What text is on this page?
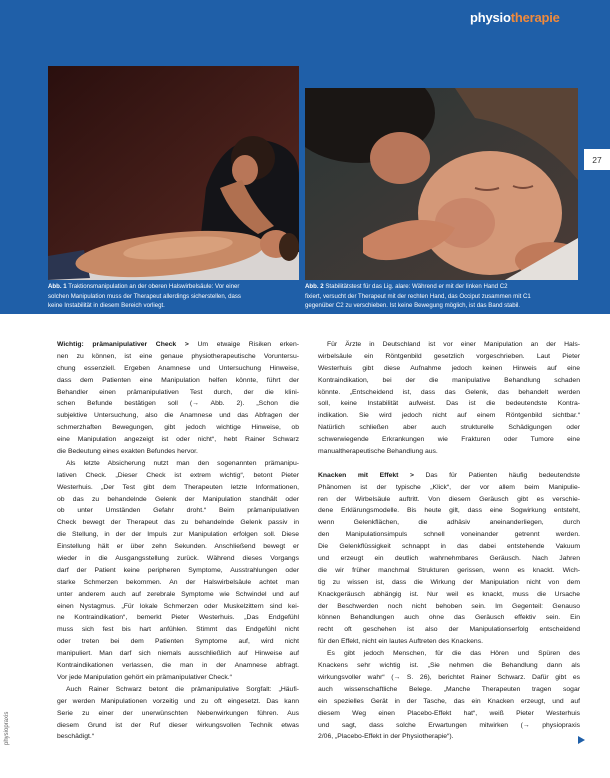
physiotherapie
27
Abb. 1 Traktionsmanipulation an der oberen Halswirbelsäule: Vor einer
solchen Manipulation muss der Therapeut allerdings sicherstellen, dass
keine Instabilität in diesem Bereich vorliegt.
Abb. 2 Stabilitätstest für das Lig. alare: Während er mit der linken Hand C2
fixiert, versucht der Therapeut mit der rechten Hand, das Occiput zusammen mit C1
gegenüber C2 zu verschieben. Ist keine Bewegung möglich, ist das Band stabil.
Wichtig: prämanipulativer Check > Um etwaige Risiken erken-
nen zu können, ist eine genaue physiotherapeutische Voruntersu-
chung essenziell. Ergeben Anamnese und Untersuchung Hinweise,
dass dem Patienten eine Manipulation helfen könnte, führt der
Behandler einen prämanipulativen Test durch, der die klini-
schen Befunde bestätigen soll (→ Abb. 2). „Schon die
subjektive Untersuchung, also die Anamnese und das Abfragen der
schmerzhaften Bewegungen, gibt jedoch wichtige Hinweise, ob
eine Manipulation angezeigt ist oder nicht“, hebt Rainer Schwarz
die Bedeutung eines exakten Befundes hervor.
Als letzte Absicherung nutzt man den sogenannten prämanipu-
lativen Check. „Dieser Check ist extrem wichtig“, betont Pieter
Westerhuis. „Der Test gibt dem Therapeuten letzte Informationen,
ob das zu behandelnde Gelenk der Manipulation standhält oder
ob unter Umständen Gefahr droht.“ Beim prämanipulativen
Check bewegt der Therapeut das zu behandelnde Gelenk passiv in
die Stellung, in der der Impuls zur Manipulation erfolgen soll. Diese
Einstellung hält er über zehn Sekunden. Anschließend bewegt er
wieder in die Ausgangsstellung zurück. Während dieses Vorgangs
darf der Patient keine peripheren Symptome, Ausstrahlungen oder
starke Schmerzen bekommen. An der Halswirbelsäule achtet man
unter anderem auch auf zerebrale Symptome wie Schwindel und auf
einen Nystagmus. „Für lokale Schmerzen oder Muskelzittern sind kei-
ne Kontraindikation“, bemerkt Pieter Westerhuis. „Das Endgefühl
muss sich fest bis hart anfühlen. Stimmt das Endgefühl nicht
oder treten bei dem Patienten Symptome auf, wird nicht
manipuliert. Man darf sich niemals ausschließlich auf Hinweise auf
Kontraindikationen verlassen, die man in der Anamnese abfragt.
Vor jede Manipulation gehört ein prämanipulativer Check.“
Auch Rainer Schwarz betont die prämanipulative Sorgfalt: „Häufi-
ger werden Manipulationen vorzeitig und zu oft eingesetzt. Das kann
Serie zu einer der unerwünschten Nebenwirkungen führen. Aus
diesem Grund ist der Ruf dieser wirkungsvollen Technik etwas
beschädigt.“
Für Ärzte in Deutschland ist vor einer Manipulation an der Hals-
wirbelsäule ein Röntgenbild gesetzlich vorgeschrieben. Laut Pieter
Westerhuis gibt diese Aufnahme jedoch keinen Hinweis auf eine
Kontraindikation, bei der die manipulative Behandlung schaden
könnte. „Entscheidend ist, dass das Gelenk, das behandelt werden
soll, keine Instabilität aufweist. Das ist die bedeutendste Kontra-
indikation. Sie wird jedoch nicht auf einem Röntgenbild sichtbar.“
Natürlich schließen aber auch strukturelle Schädigungen oder
schwerwiegende Erkrankungen wie Frakturen oder Tumore eine
manualtherapeutische Behandlung aus.
Knacken mit Effekt > Das für Patienten häufig bedeutendste
Phänomen ist der typische „Klick“, der vor allem beim Manipulie-
ren der Wirbelsäule auftritt. Von diesem Geräusch gibt es verschie-
dene Erklärungsmodelle. Bis heute gilt, dass eine Sogwirkung entsteht,
wenn Gelenkflächen, die adhäsiv aneinanderliegen, durch
den Manipulationsimpuls schnell voneinander getrennt werden.
Die Gelenkflüssigkeit schnappt in das dabei entstehende Vakuum
und erzeugt ein deutlich wahrnehmbares Geräusch. Nach Jahren
die wir früher manchmal Strukturen gerissen, wenn es knackt. Wich-
tig zu wissen ist, dass die Wirkung der Manipulation nicht von dem
Knackgeräusch abhängig ist. Nur weil es knackt, muss die Ursache
der Beschwerden noch nicht behoben sein. Im Gegenteil: Genauso
können Behandlungen auch ohne das Geräusch effektiv sein. Ein
recht oft geschehen ist also der Manipulationserfolg entscheidend
für den Effekt, nicht ein lautes Auftreten des Knackens.
Es gibt jedoch Menschen, für die das Hören und Spüren des
Knackens sehr wichtig ist. „Sie nehmen die Behandlung dann als
wirkungsvoller wahr“ (→ S. 26), berichtet Rainer Schwarz. Dafür gibt es
auch wissenschaftliche Belege. „Manche Therapeuten tragen sogar
ein spezielles Gerät in der Tasche, das ein Knacken erzeugt, und auf
diesem Weg einen Placebo-Effekt hat“, weiß Pieter Westerhuis
und sagt, dass solche Erwartungen mitwirken (→ physiopraxis
2/06, „Placebo-Effekt in der Physiotherapie“).
physiopraxis
